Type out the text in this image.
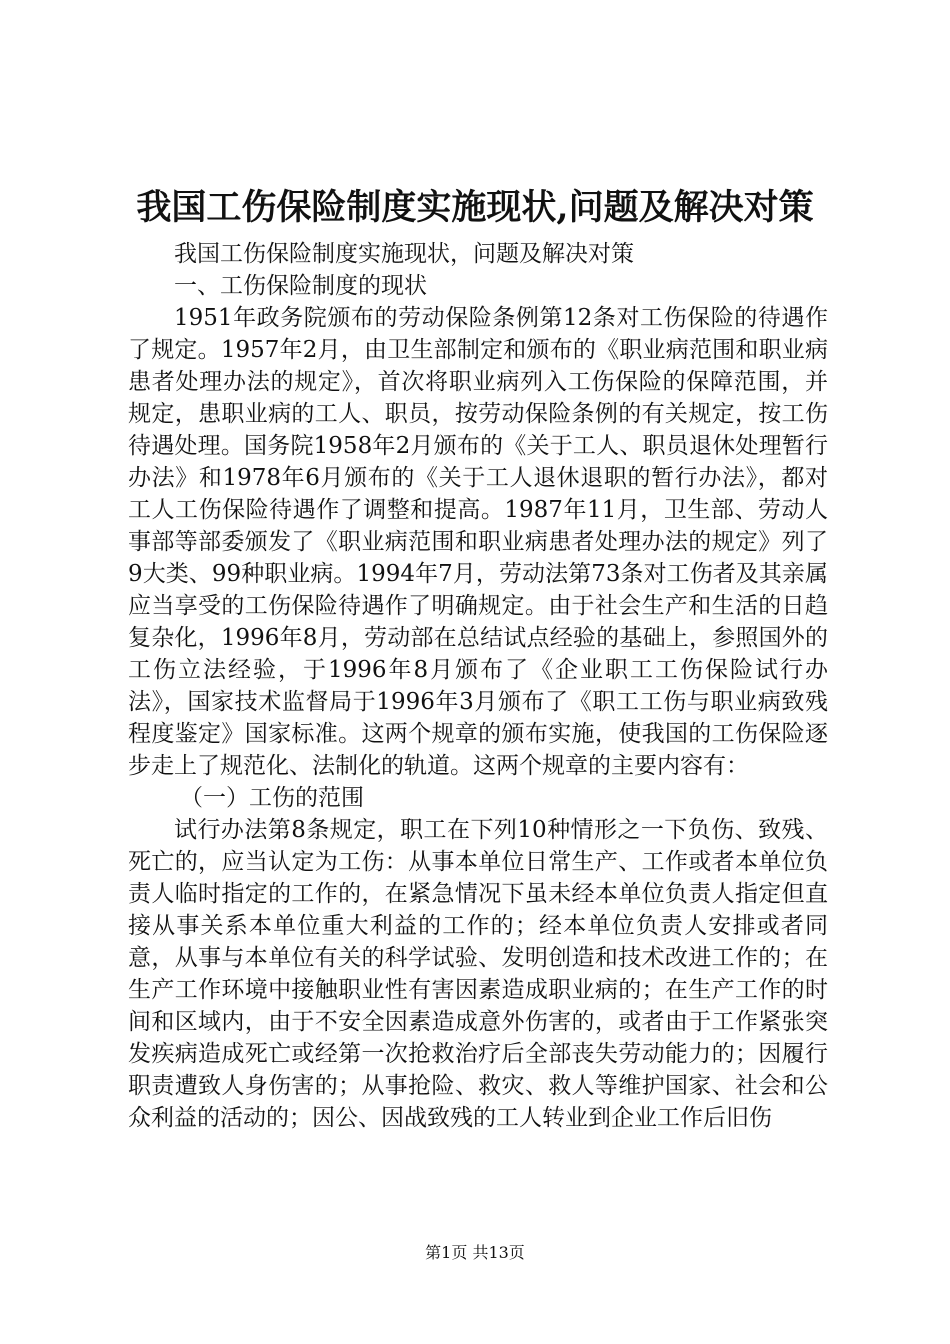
我国工伤保险制度实施现状,问题及解决对策

我国工伤保险制度实施现状，问题及解决对策

一、工伤保险制度的现状

1951年政务院颁布的劳动保险条例第12条对工伤保险的待遇作了规定。1957年2月，由卫生部制定和颁布的《职业病范围和职业病患者处理办法的规定》，首次将职业病列入工伤保险的保障范围，并规定，患职业病的工人、职员，按劳动保险条例的有关规定，按工伤待遇处理。国务院1958年2月颁布的《关于工人、职员退休处理暂行办法》和1978年6月颁布的《关于工人退休退职的暂行办法》，都对工人工伤保险待遇作了调整和提高。1987年11月，卫生部、劳动人事部等部委颁发了《职业病范围和职业病患者处理办法的规定》列了9大类、99种职业病。1994年7月，劳动法第73条对工伤者及其亲属应当享受的工伤保险待遇作了明确规定。由于社会生产和生活的日趋复杂化，1996年8月，劳动部在总结试点经验的基础上，参照国外的工伤立法经验，于1996年8月颁布了《企业职工工伤保险试行办法》，国家技术监督局于1996年3月颁布了《职工工伤与职业病致残程度鉴定》国家标准。这两个规章的颁布实施，使我国的工伤保险逐步走上了规范化、法制化的轨道。这两个规章的主要内容有：

（一）工伤的范围

试行办法第8条规定，职工在下列10种情形之一下负伤、致残、死亡的，应当认定为工伤：从事本单位日常生产、工作或者本单位负责人临时指定的工作的，在紧急情况下虽未经本单位负责人指定但直接从事关系本单位重大利益的工作的；经本单位负责人安排或者同意，从事与本单位有关的科学试验、发明创造和技术改进工作的；在生产工作环境中接触职业性有害因素造成职业病的；在生产工作的时间和区域内，由于不安全因素造成意外伤害的，或者由于工作紧张突发疾病造成死亡或经第一次抢救治疗后全部丧失劳动能力的；因履行职责遭致人身伤害的；从事抢险、救灾、救人等维护国家、社会和公众利益的活动的；因公、因战致残的工人转业到企业工作后旧伤

第1页 共13页
